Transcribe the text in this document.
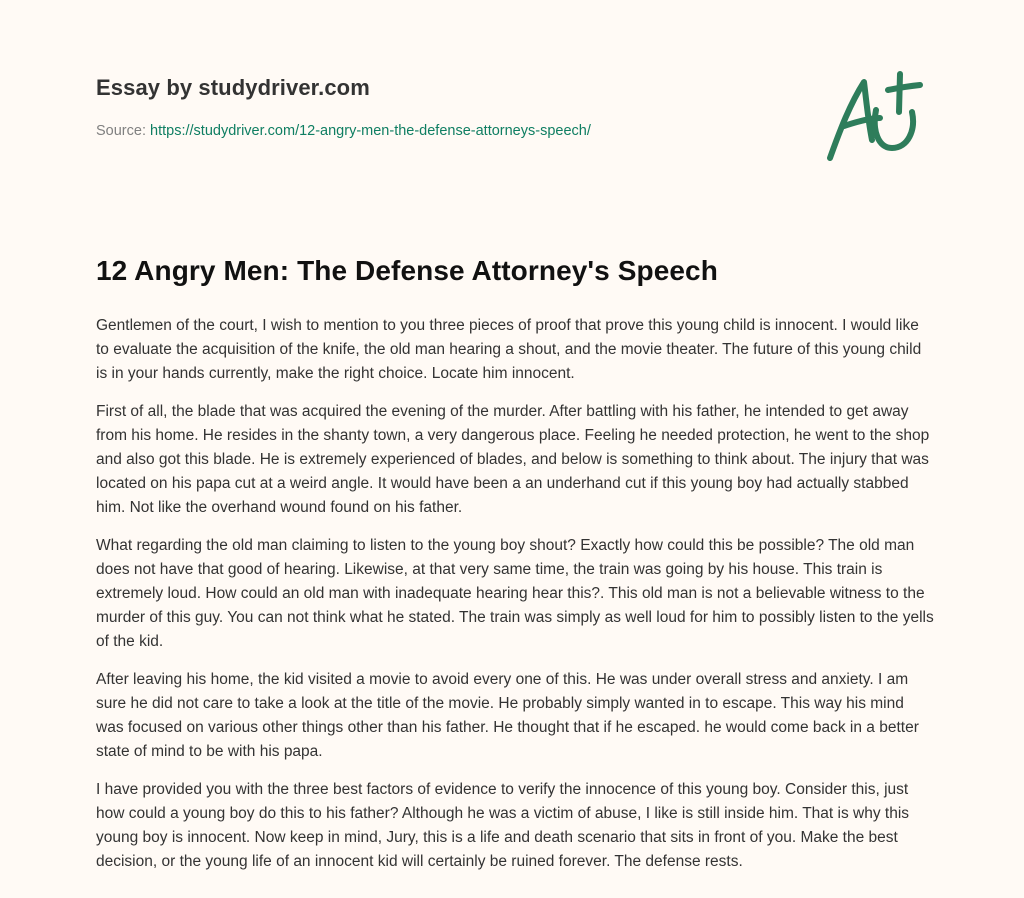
Essay by studydriver.com
Source: https://studydriver.com/12-angry-men-the-defense-attorneys-speech/
12 Angry Men: The Defense Attorney's Speech

Gentlemen of the court, I wish to mention to you three pieces of proof that prove this young child is innocent. I would like to evaluate the acquisition of the knife, the old man hearing a shout, and the movie theater. The future of this young child is in your hands currently, make the right choice. Locate him innocent.

First of all, the blade that was acquired the evening of the murder. After battling with his father, he intended to get away from his home. He resides in the shanty town, a very dangerous place. Feeling he needed protection, he went to the shop and also got this blade. He is extremely experienced of blades, and below is something to think about. The injury that was located on his papa cut at a weird angle. It would have been a an underhand cut if this young boy had actually stabbed him. Not like the overhand wound found on his father.

What regarding the old man claiming to listen to the young boy shout? Exactly how could this be possible? The old man does not have that good of hearing. Likewise, at that very same time, the train was going by his house. This train is extremely loud. How could an old man with inadequate hearing hear this?. This old man is not a believable witness to the murder of this guy. You can not think what he stated. The train was simply as well loud for him to possibly listen to the yells of the kid.

After leaving his home, the kid visited a movie to avoid every one of this. He was under overall stress and anxiety. I am sure he did not care to take a look at the title of the movie. He probably simply wanted in to escape. This way his mind was focused on various other things other than his father. He thought that if he escaped. he would come back in a better state of mind to be with his papa.

I have provided you with the three best factors of evidence to verify the innocence of this young boy. Consider this, just how could a young boy do this to his father? Although he was a victim of abuse, I like is still inside him. That is why this young boy is innocent. Now keep in mind, Jury, this is a life and death scenario that sits in front of you. Make the best decision, or the young life of an innocent kid will certainly be ruined forever. The defense rests.
